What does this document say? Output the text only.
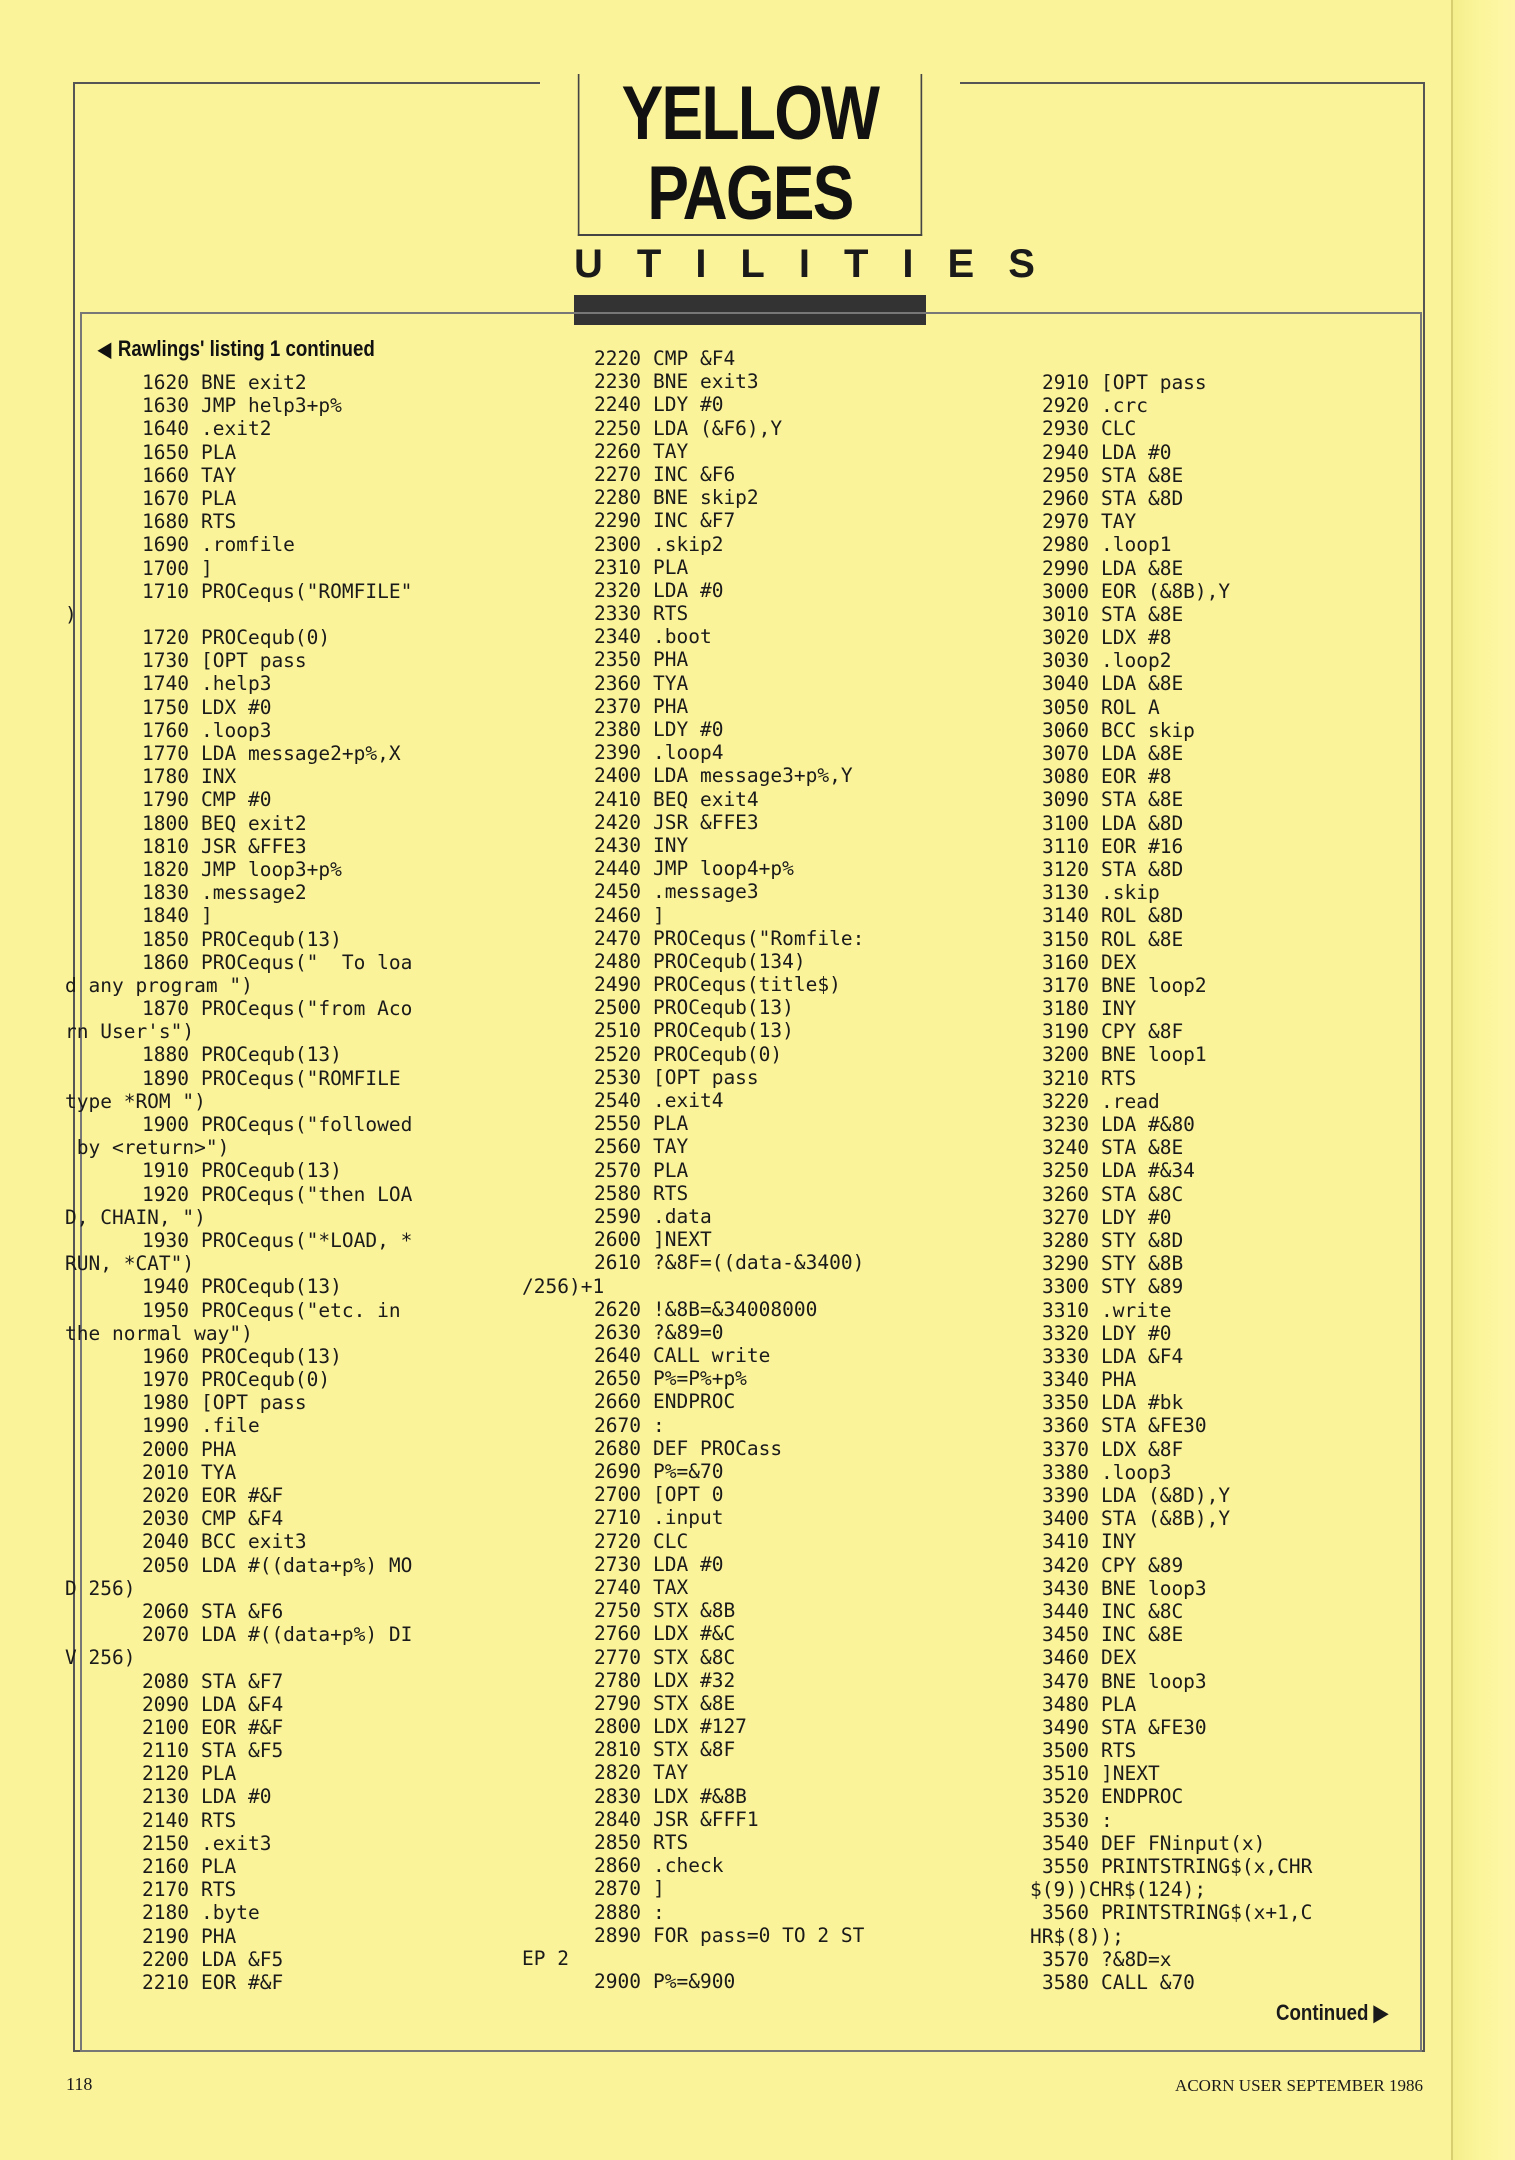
YELLOW PAGES
UTILITIES
◀ Rawlings' listing 1 continued
1620 BNE exit2
1630 JMP help3+p%
1640 .exit2
1650 PLA
1660 TAY
1670 PLA
1680 RTS
1690 .romfile
1700 ]
1710 PROCequs("ROMFILE"
)
1720 PROCequb(0)
1730 [OPT pass
1740 .help3
1750 LDX #0
1760 .loop3
1770 LDA message2+p%,X
1780 INX
1790 CMP #0
1800 BEQ exit2
1810 JSR &FFE3
1820 JMP loop3+p%
1830 .message2
1840 ]
1850 PROCequb(13)
1860 PROCequs("  To loa
d any program ")
1870 PROCequs("from Aco
rn User's")
1880 PROCequb(13)
1890 PROCequs("ROMFILE
type *ROM ")
1900 PROCequs("followed
by <return>")
1910 PROCequb(13)
1920 PROCequs("then LOA
D, CHAIN, ")
1930 PROCequs("*LOAD, *
RUN, *CAT")
1940 PROCequb(13)
1950 PROCequs("etc. in
the normal way")
1960 PROCequb(13)
1970 PROCequb(0)
1980 [OPT pass
1990 .file
2000 PHA
2010 TYA
2020 EOR #&F
2030 CMP &F4
2040 BCC exit3
2050 LDA #((data+p%) MO
D 256)
2060 STA &F6
2070 LDA #((data+p%) DI
V 256)
2080 STA &F7
2090 LDA &F4
2100 EOR #&F
2110 STA &F5
2120 PLA
2130 LDA #0
2140 RTS
2150 .exit3
2160 PLA
2170 RTS
2180 .byte
2190 PHA
2200 LDA &F5
2210 EOR #&F
2220 CMP &F4
2230 BNE exit3
2240 LDY #0
2250 LDA (&F6),Y
2260 TAY
2270 INC &F6
2280 BNE skip2
2290 INC &F7
2300 .skip2
2310 PLA
2320 LDA #0
2330 RTS
2340 .boot
2350 PHA
2360 TYA
2370 PHA
2380 LDY #0
2390 .loop4
2400 LDA message3+p%,Y
2410 BEQ exit4
2420 JSR &FFE3
2430 INY
2440 JMP loop4+p%
2450 .message3
2460 ]
2470 PROCequs("Romfile:
2480 PROCequb(134)
2490 PROCequs(title$)
2500 PROCequb(13)
2510 PROCequb(13)
2520 PROCequb(0)
2530 [OPT pass
2540 .exit4
2550 PLA
2560 TAY
2570 PLA
2580 RTS
2590 .data
2600 ]NEXT
2610 ?&8F=((data-&3400)
/256)+1
2620 !&8B=&34008000
2630 ?&89=0
2640 CALL write
2650 P%=P%+p%
2660 ENDPROC
2670 :
2680 DEF PROCass
2690 P%=&70
2700 [OPT 0
2710 .input
2720 CLC
2730 LDA #0
2740 TAX
2750 STX &8B
2760 LDX #&C
2770 STX &8C
2780 LDX #32
2790 STX &8E
2800 LDX #127
2810 STX &8F
2820 TAY
2830 LDX #&8B
2840 JSR &FFF1
2850 RTS
2860 .check
2870 ]
2880 :
2890 FOR pass=0 TO 2 ST
EP 2
2900 P%=&900
2910 [OPT pass
2920 .crc
2930 CLC
2940 LDA #0
2950 STA &8E
2960 STA &8D
2970 TAY
2980 .loop1
2990 LDA &8E
3000 EOR (&8B),Y
3010 STA &8E
3020 LDX #8
3030 .loop2
3040 LDA &8E
3050 ROL A
3060 BCC skip
3070 LDA &8E
3080 EOR #8
3090 STA &8E
3100 LDA &8D
3110 EOR #16
3120 STA &8D
3130 .skip
3140 ROL &8D
3150 ROL &8E
3160 DEX
3170 BNE loop2
3180 INY
3190 CPY &8F
3200 BNE loop1
3210 RTS
3220 .read
3230 LDA #&80
3240 STA &8E
3250 LDA #&34
3260 STA &8C
3270 LDY #0
3280 STY &8D
3290 STY &8B
3300 STY &89
3310 .write
3320 LDY #0
3330 LDA &F4
3340 PHA
3350 LDA #bk
3360 STA &FE30
3370 LDX &8F
3380 .loop3
3390 LDA (&8D),Y
3400 STA (&8B),Y
3410 INY
3420 CPY &89
3430 BNE loop3
3440 INC &8C
3450 INC &8E
3460 DEX
3470 BNE loop3
3480 PLA
3490 STA &FE30
3500 RTS
3510 ]NEXT
3520 ENDPROC
3530 :
3540 DEF FNinput(x)
3550 PRINTSTRING$(x,CHR
$(9))CHR$(124);
3560 PRINTSTRING$(x+1,C
HR$(8));
3570 ?&8D=x
3580 CALL &70
Continued ▶
118	ACORN USER SEPTEMBER 1986
